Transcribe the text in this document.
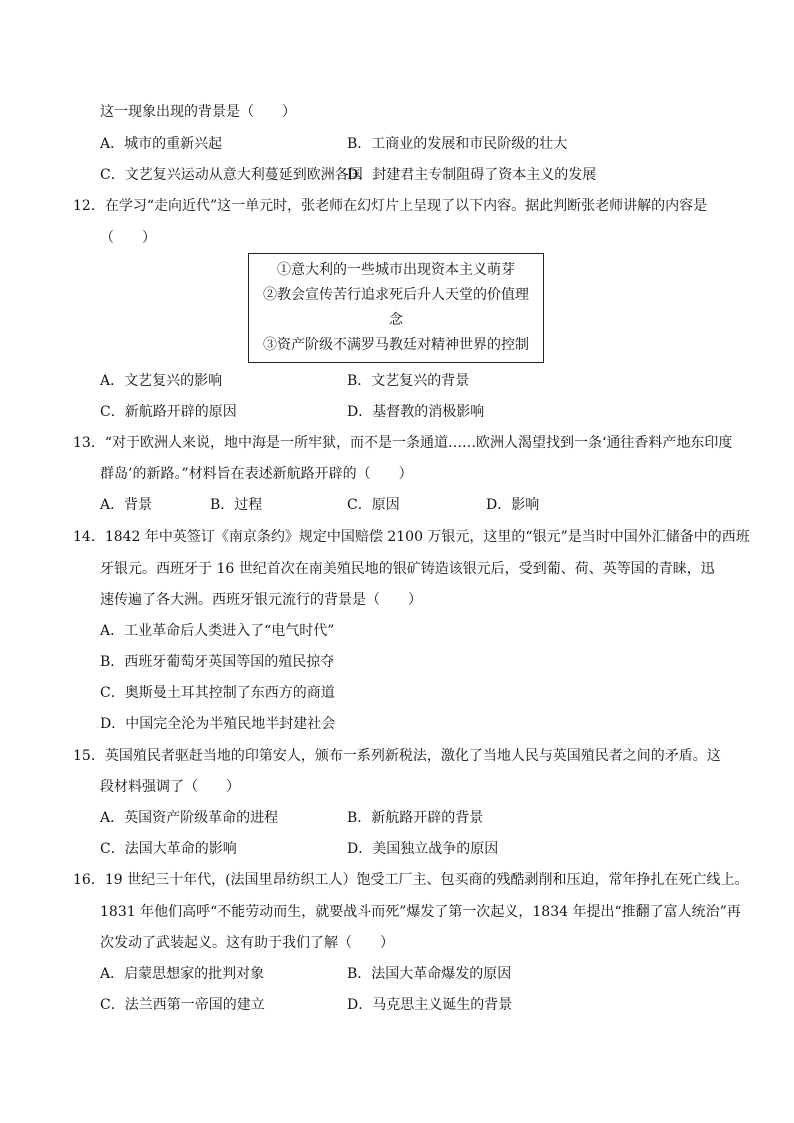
这一现象出现的背景是（　　）
A．城市的重新兴起	B．工商业的发展和市民阶级的壮大
C．文艺复兴运动从意大利蔓延到欧洲各国
D．封建君主专制阻碍了资本主义的发展
12．在学习“走向近代”这一单元时，张老师在幻灯片上呈现了以下内容。据此判断张老师讲解的内容是
（　　）
①意大利的一些城市出现资本主义萌芽
②教会宣传苦行追求死后升人天堂的价值理
念
③资产阶级不满罗马教廷对精神世界的控制
A．文艺复兴的影响	B．文艺复兴的背景
C．新航路开辟的原因	D．基督教的消极影响
13．“对于欧洲人来说，地中海是一所牢狱，而不是一条通道……欧洲人渴望找到一条‘通往香料产地东印度
群岛’的新路。”材料旨在表述新航路开辟的（　　）
A．背景	B．过程	C．原因	D．影响
14．1842 年中英签订《南京条约》规定中国赔偿 2100 万银元，这里的“银元”是当时中国外汇储备中的西班
牙银元。西班牙于 16 世纪首次在南美殖民地的银矿铸造该银元后，受到葡、荷、英等国的青睐，迅
速传遍了各大洲。西班牙银元流行的背景是（　　）
A．工业革命后人类进入了“电气时代”
B．西班牙葡萄牙英国等国的殖民掠夺
C．奥斯曼土耳其控制了东西方的商道
D．中国完全沦为半殖民地半封建社会
15．英国殖民者驱赶当地的印第安人，颁布一系列新税法，激化了当地人民与英国殖民者之间的矛盾。这
段材料强调了（　　）
A．英国资产阶级革命的进程	B．新航路开辟的背景
C．法国大革命的影响	D．美国独立战争的原因
16．19 世纪三十年代，(法国里昂纺织工人）饱受工厂主、包买商的残酷剥削和压迫，常年挣扎在死亡线上。
1831 年他们高呼“不能劳动而生，就要战斗而死”爆发了第一次起义，1834 年提出“推翻了富人统治”再
次发动了武装起义。这有助于我们了解（　　）
A．启蒙思想家的批判对象	B．法国大革命爆发的原因
C．法兰西第一帝国的建立	D．马克思主义诞生的背景
